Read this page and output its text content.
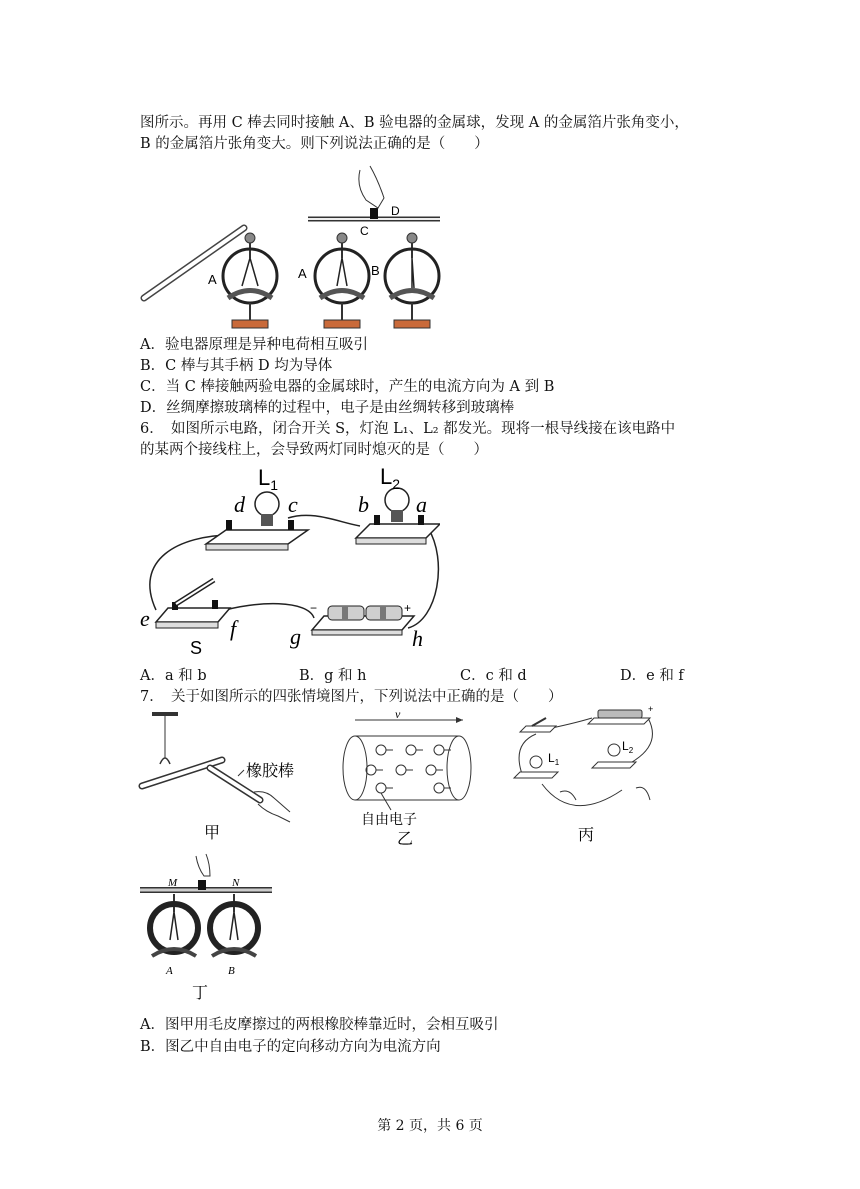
图所示。再用 C 棒去同时接触 A、B 验电器的金属球，发现 A 的金属箔片张角变小，
B 的金属箔片张角变大。则下列说法正确的是（　　）
A
D
C
A	B
A．验电器原理是异种电荷相互吸引
B．C 棒与其手柄 D 均为导体
C．当 C 棒接触两验电器的金属球时，产生的电流方向为 A 到 B
D．丝绸摩擦玻璃棒的过程中，电子是由丝绸转移到玻璃棒
6．　如图所示电路，闭合开关 S，灯泡 L₁、L₂ 都发光。现将一根导线接在该电路中
的某两个接线柱上，会导致两灯同时熄灭的是（　　）
$L_1$
d c
$L_2$
b a
e	f
S
−	+
g	h
A．a 和 b	B．g 和 h	C．c 和 d	D．e 和 f
7．　关于如图所示的四张情境图片，下列说法中正确的是（　　）
橡胶棒
甲
v
自由电子
乙
+
$L_1$
$L_2$
丙
M	N
A	B
丁
A．图甲用毛皮摩擦过的两根橡胶棒靠近时，会相互吸引
B．图乙中自由电子的定向移动方向为电流方向
第 2 页，共 6 页
